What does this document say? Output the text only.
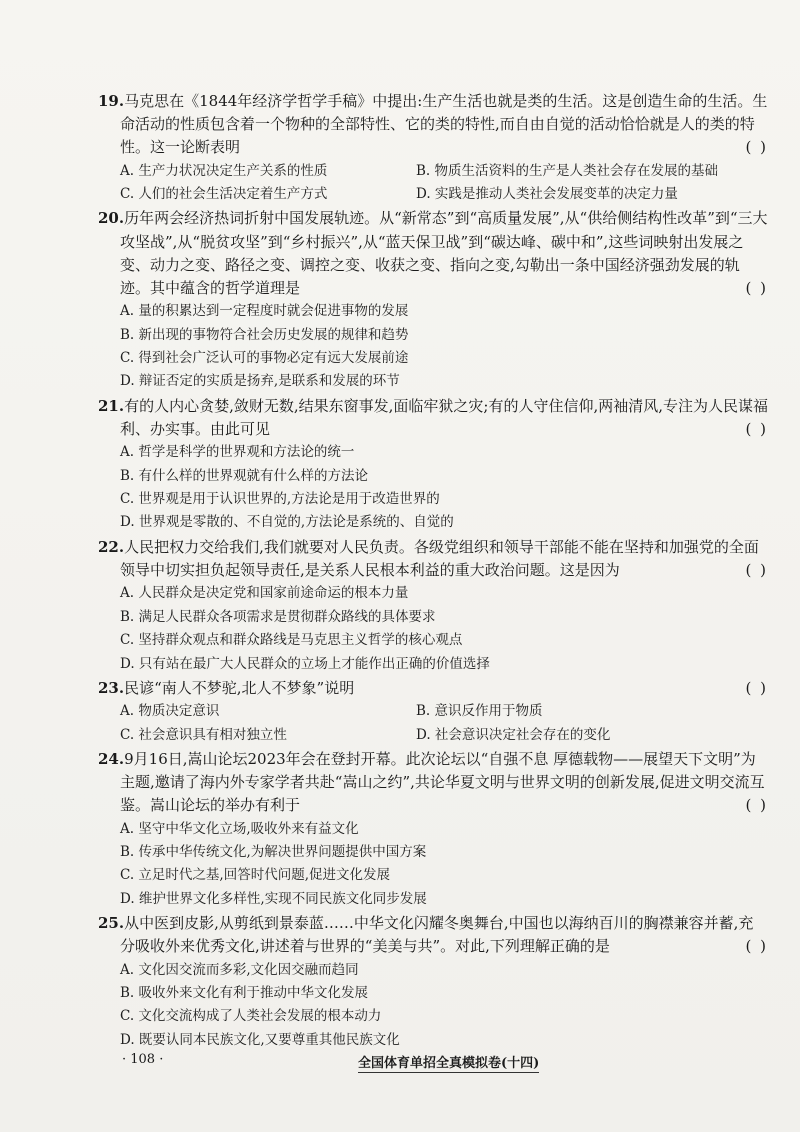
19.马克思在《1844年经济学哲学手稿》中提出:生产生活也就是类的生活。这是创造生命的生活。生命活动的性质包含着一个物种的全部特性、它的类的特性,而自由自觉的活动恰恰就是人的类的特性。这一论断表明	( )
A. 生产力状况决定生产关系的性质	B. 物质生活资料的生产是人类社会存在发展的基础
C. 人们的社会生活决定着生产方式	D. 实践是推动人类社会发展变革的决定力量
20.历年两会经济热词折射中国发展轨迹。从“新常态”到“高质量发展”,从“供给侧结构性改革”到“三大攻坚战”,从“脱贫攻坚”到“乡村振兴”,从“蓝天保卫战”到“碳达峰、碳中和”,这些词映射出发展之变、动力之变、路径之变、调控之变、收获之变、指向之变,勾勒出一条中国经济强劲发展的轨迹。其中蕴含的哲学道理是	( )
A. 量的积累达到一定程度时就会促进事物的发展
B. 新出现的事物符合社会历史发展的规律和趋势
C. 得到社会广泛认可的事物必定有远大发展前途
D. 辩证否定的实质是扬弃,是联系和发展的环节
21.有的人内心贪婪,敛财无数,结果东窗事发,面临牢狱之灾;有的人守住信仰,两袖清风,专注为人民谋福利、办实事。由此可见	( )
A. 哲学是科学的世界观和方法论的统一
B. 有什么样的世界观就有什么样的方法论
C. 世界观是用于认识世界的,方法论是用于改造世界的
D. 世界观是零散的、不自觉的,方法论是系统的、自觉的
22.人民把权力交给我们,我们就要对人民负责。各级党组织和领导干部能不能在坚持和加强党的全面领导中切实担负起领导责任,是关系人民根本利益的重大政治问题。这是因为	( )
A. 人民群众是决定党和国家前途命运的根本力量
B. 满足人民群众各项需求是贯彻群众路线的具体要求
C. 坚持群众观点和群众路线是马克思主义哲学的核心观点
D. 只有站在最广大人民群众的立场上才能作出正确的价值选择
23.民谚“南人不梦驼,北人不梦象”说明	( )
A. 物质决定意识	B. 意识反作用于物质
C. 社会意识具有相对独立性	D. 社会意识决定社会存在的变化
24.9月16日,嵩山论坛2023年会在登封开幕。此次论坛以“自强不息 厚德载物——展望天下文明”为主题,邀请了海内外专家学者共赴“嵩山之约”,共论华夏文明与世界文明的创新发展,促进文明交流互鉴。嵩山论坛的举办有利于	( )
A. 坚守中华文化立场,吸收外来有益文化
B. 传承中华传统文化,为解决世界问题提供中国方案
C. 立足时代之基,回答时代问题,促进文化发展
D. 维护世界文化多样性,实现不同民族文化同步发展
25.从中医到皮影,从剪纸到景泰蓝……中华文化闪耀冬奥舞台,中国也以海纳百川的胸襟兼容并蓄,充分吸收外来优秀文化,讲述着与世界的“美美与共”。对此,下列理解正确的是	( )
A. 文化因交流而多彩,文化因交融而趋同
B. 吸收外来文化有利于推动中华文化发展
C. 文化交流构成了人类社会发展的根本动力
D. 既要认同本民族文化,又要尊重其他民族文化
· 108 ·	全国体育单招全真模拟卷(十四)
